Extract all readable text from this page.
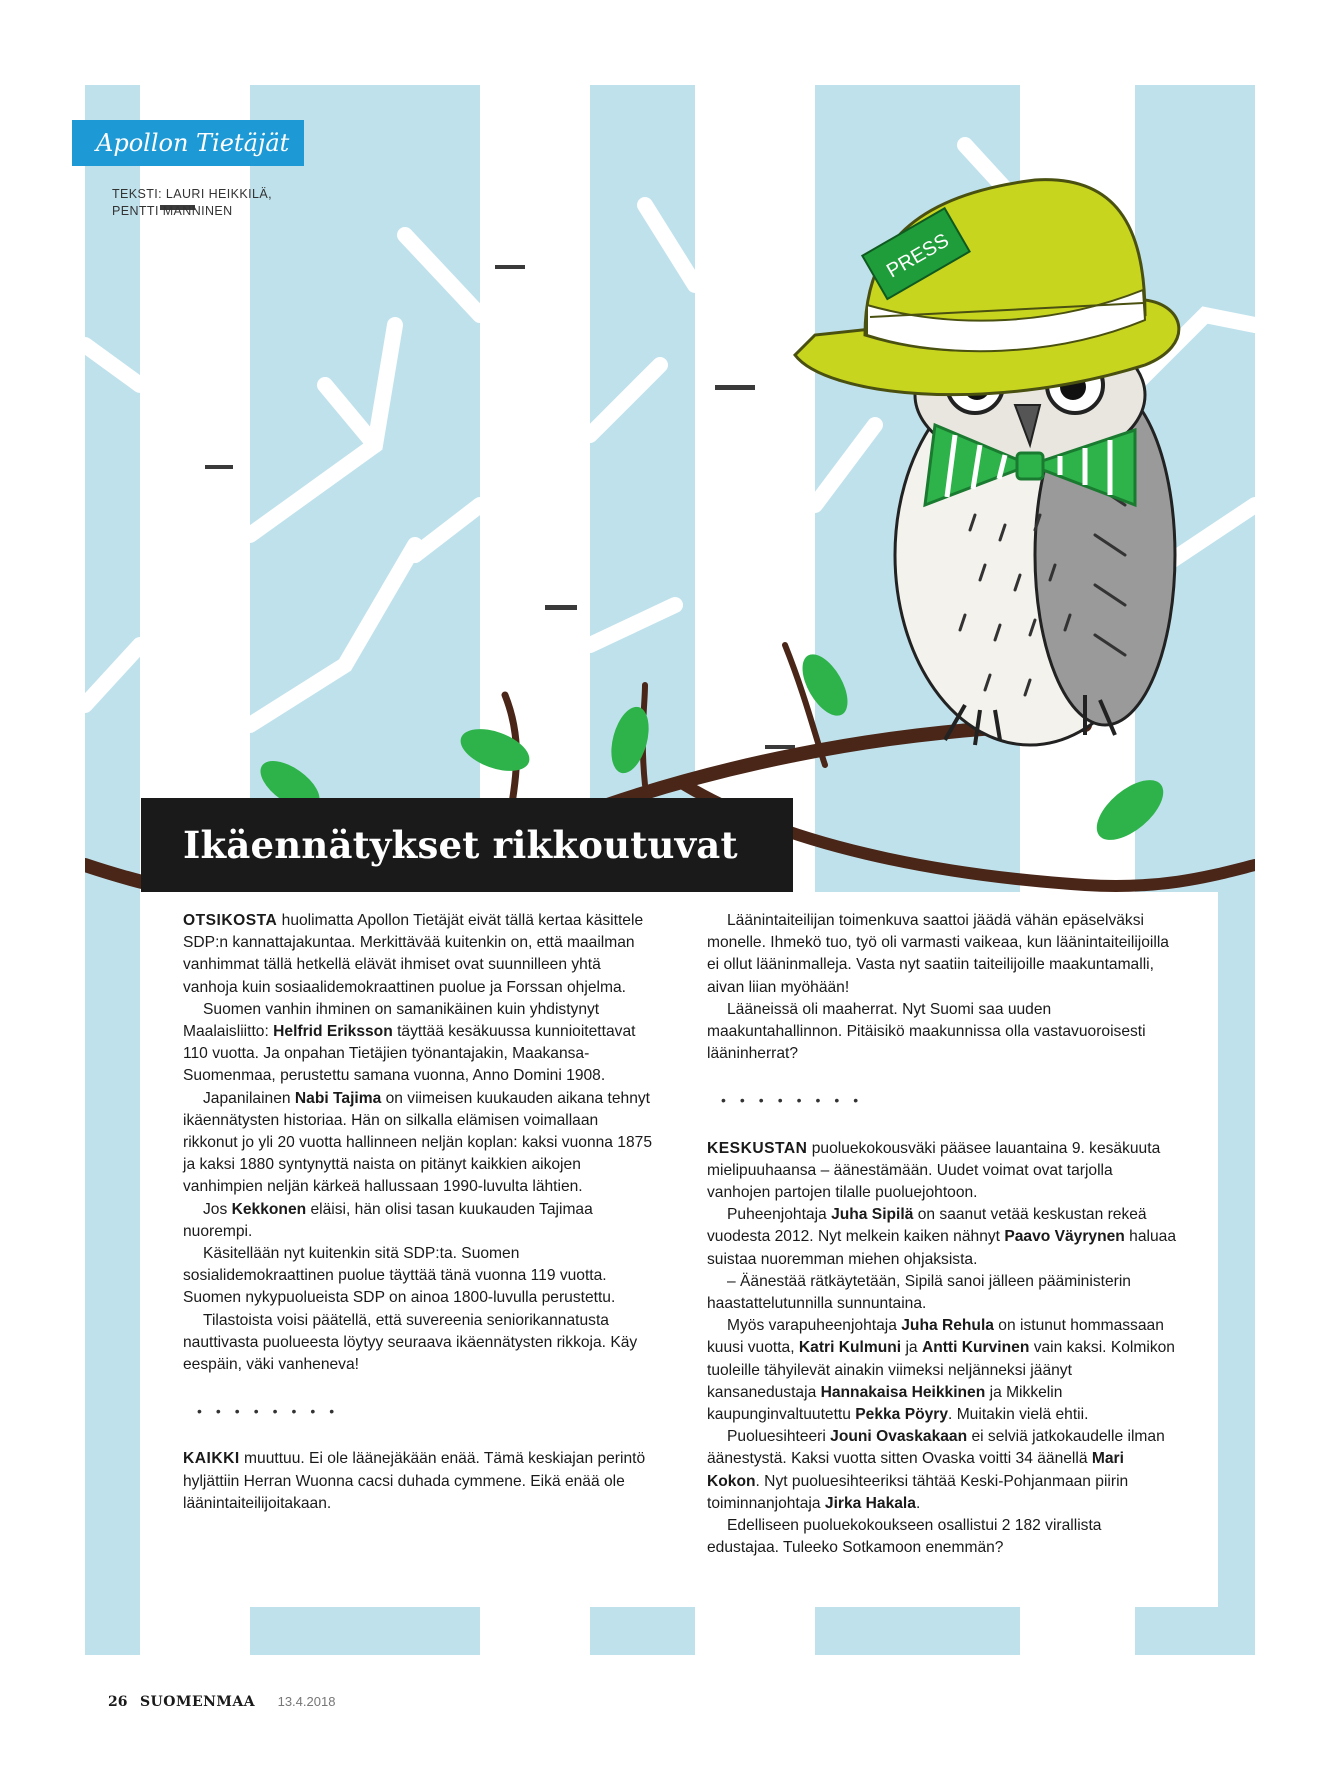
PRESS
Apollon Tietäjät
TEKSTI: LAURI HEIKKILÄ,
PENTTI MANNINEN
Ikäennätykset rikkoutuvat

OTSIKOSTA huolimatta Apollon Tietäjät eivät tällä kertaa käsittele SDP:n kannattajakuntaa. Merkittävää kuitenkin on, että maailman vanhimmat tällä hetkellä elävät ihmiset ovat suunnilleen yhtä vanhoja kuin sosiaalidemokraattinen puolue ja Forssan ohjelma.

Suomen vanhin ihminen on samanikäinen kuin yhdistynyt Maalaisliitto: Helfrid Eriksson täyttää kesäkuussa kunnioitettavat 110 vuotta. Ja onpahan Tietäjien työnantajakin, Maakansa-Suomenmaa, perustettu samana vuonna, Anno Domini 1908.

Japanilainen Nabi Tajima on viimeisen kuukauden aikana tehnyt ikäennätysten historiaa. Hän on silkalla elämisen voimallaan rikkonut jo yli 20 vuotta hallinneen neljän koplan: kaksi vuonna 1875 ja kaksi 1880 syntynyttä naista on pitänyt kaikkien aikojen vanhimpien neljän kärkeä hallussaan 1990-luvulta lähtien.

Jos Kekkonen eläisi, hän olisi tasan kuukauden Tajimaa nuorempi.

Käsitellään nyt kuitenkin sitä SDP:ta. Suomen sosialidemokraattinen puolue täyttää tänä vuonna 119 vuotta. Suomen nykypuolueista SDP on ainoa 1800-luvulla perustettu.

Tilastoista voisi päätellä, että suvereenia seniorikannatusta nauttivasta puolueesta löytyy seuraava ikäennätysten rikkoja. Käy eespäin, väki vanheneva!

••••••••

KAIKKI muuttuu. Ei ole läänejäkään enää. Tämä keskiajan perintö hyljättiin Herran Wuonna cacsi duhada cymmene. Eikä enää ole läänintaiteilijoitakaan.

Läänintaiteilijan toimenkuva saattoi jäädä vähän epäselväksi monelle. Ihmekö tuo, työ oli varmasti vaikeaa, kun läänintaiteilijoilla ei ollut lääninmalleja. Vasta nyt saatiin taiteilijoille maakuntamalli, aivan liian myöhään!

Lääneissä oli maaherrat. Nyt Suomi saa uuden maakuntahallinnon. Pitäisikö maakunnissa olla vastavuoroisesti lääninherrat?

••••••••

KESKUSTAN puoluekokousväki pääsee lauantaina 9. kesäkuuta mielipuuhaansa – äänestämään. Uudet voimat ovat tarjolla vanhojen partojen tilalle puoluejohtoon.

Puheenjohtaja Juha Sipilä on saanut vetää keskustan rekeä vuodesta 2012. Nyt melkein kaiken nähnyt Paavo Väyrynen haluaa suistaa nuoremman miehen ohjaksista.

– Äänestää rätkäytetään, Sipilä sanoi jälleen pääministerin haastattelutunnilla sunnuntaina.

Myös varapuheenjohtaja Juha Rehula on istunut hommassaan kuusi vuotta, Katri Kulmuni ja Antti Kurvinen vain kaksi. Kolmikon tuoleille tähyilevät ainakin viimeksi neljänneksi jäänyt kansanedustaja Hannakaisa Heikkinen ja Mikkelin kaupunginvaltuutettu Pekka Pöyry. Muitakin vielä ehtii.

Puoluesihteeri Jouni Ovaskakaan ei selviä jatkokaudelle ilman äänestystä. Kaksi vuotta sitten Ovaska voitti 34 äänellä Mari Kokon. Nyt puoluesihteeriksi tähtää Keski-Pohjanmaan piirin toiminnanjohtaja Jirka Hakala.

Edelliseen puoluekokoukseen osallistui 2 182 virallista edustajaa. Tuleeko Sotkamoon enemmän?

26 SUOMENMAA 13.4.2018
